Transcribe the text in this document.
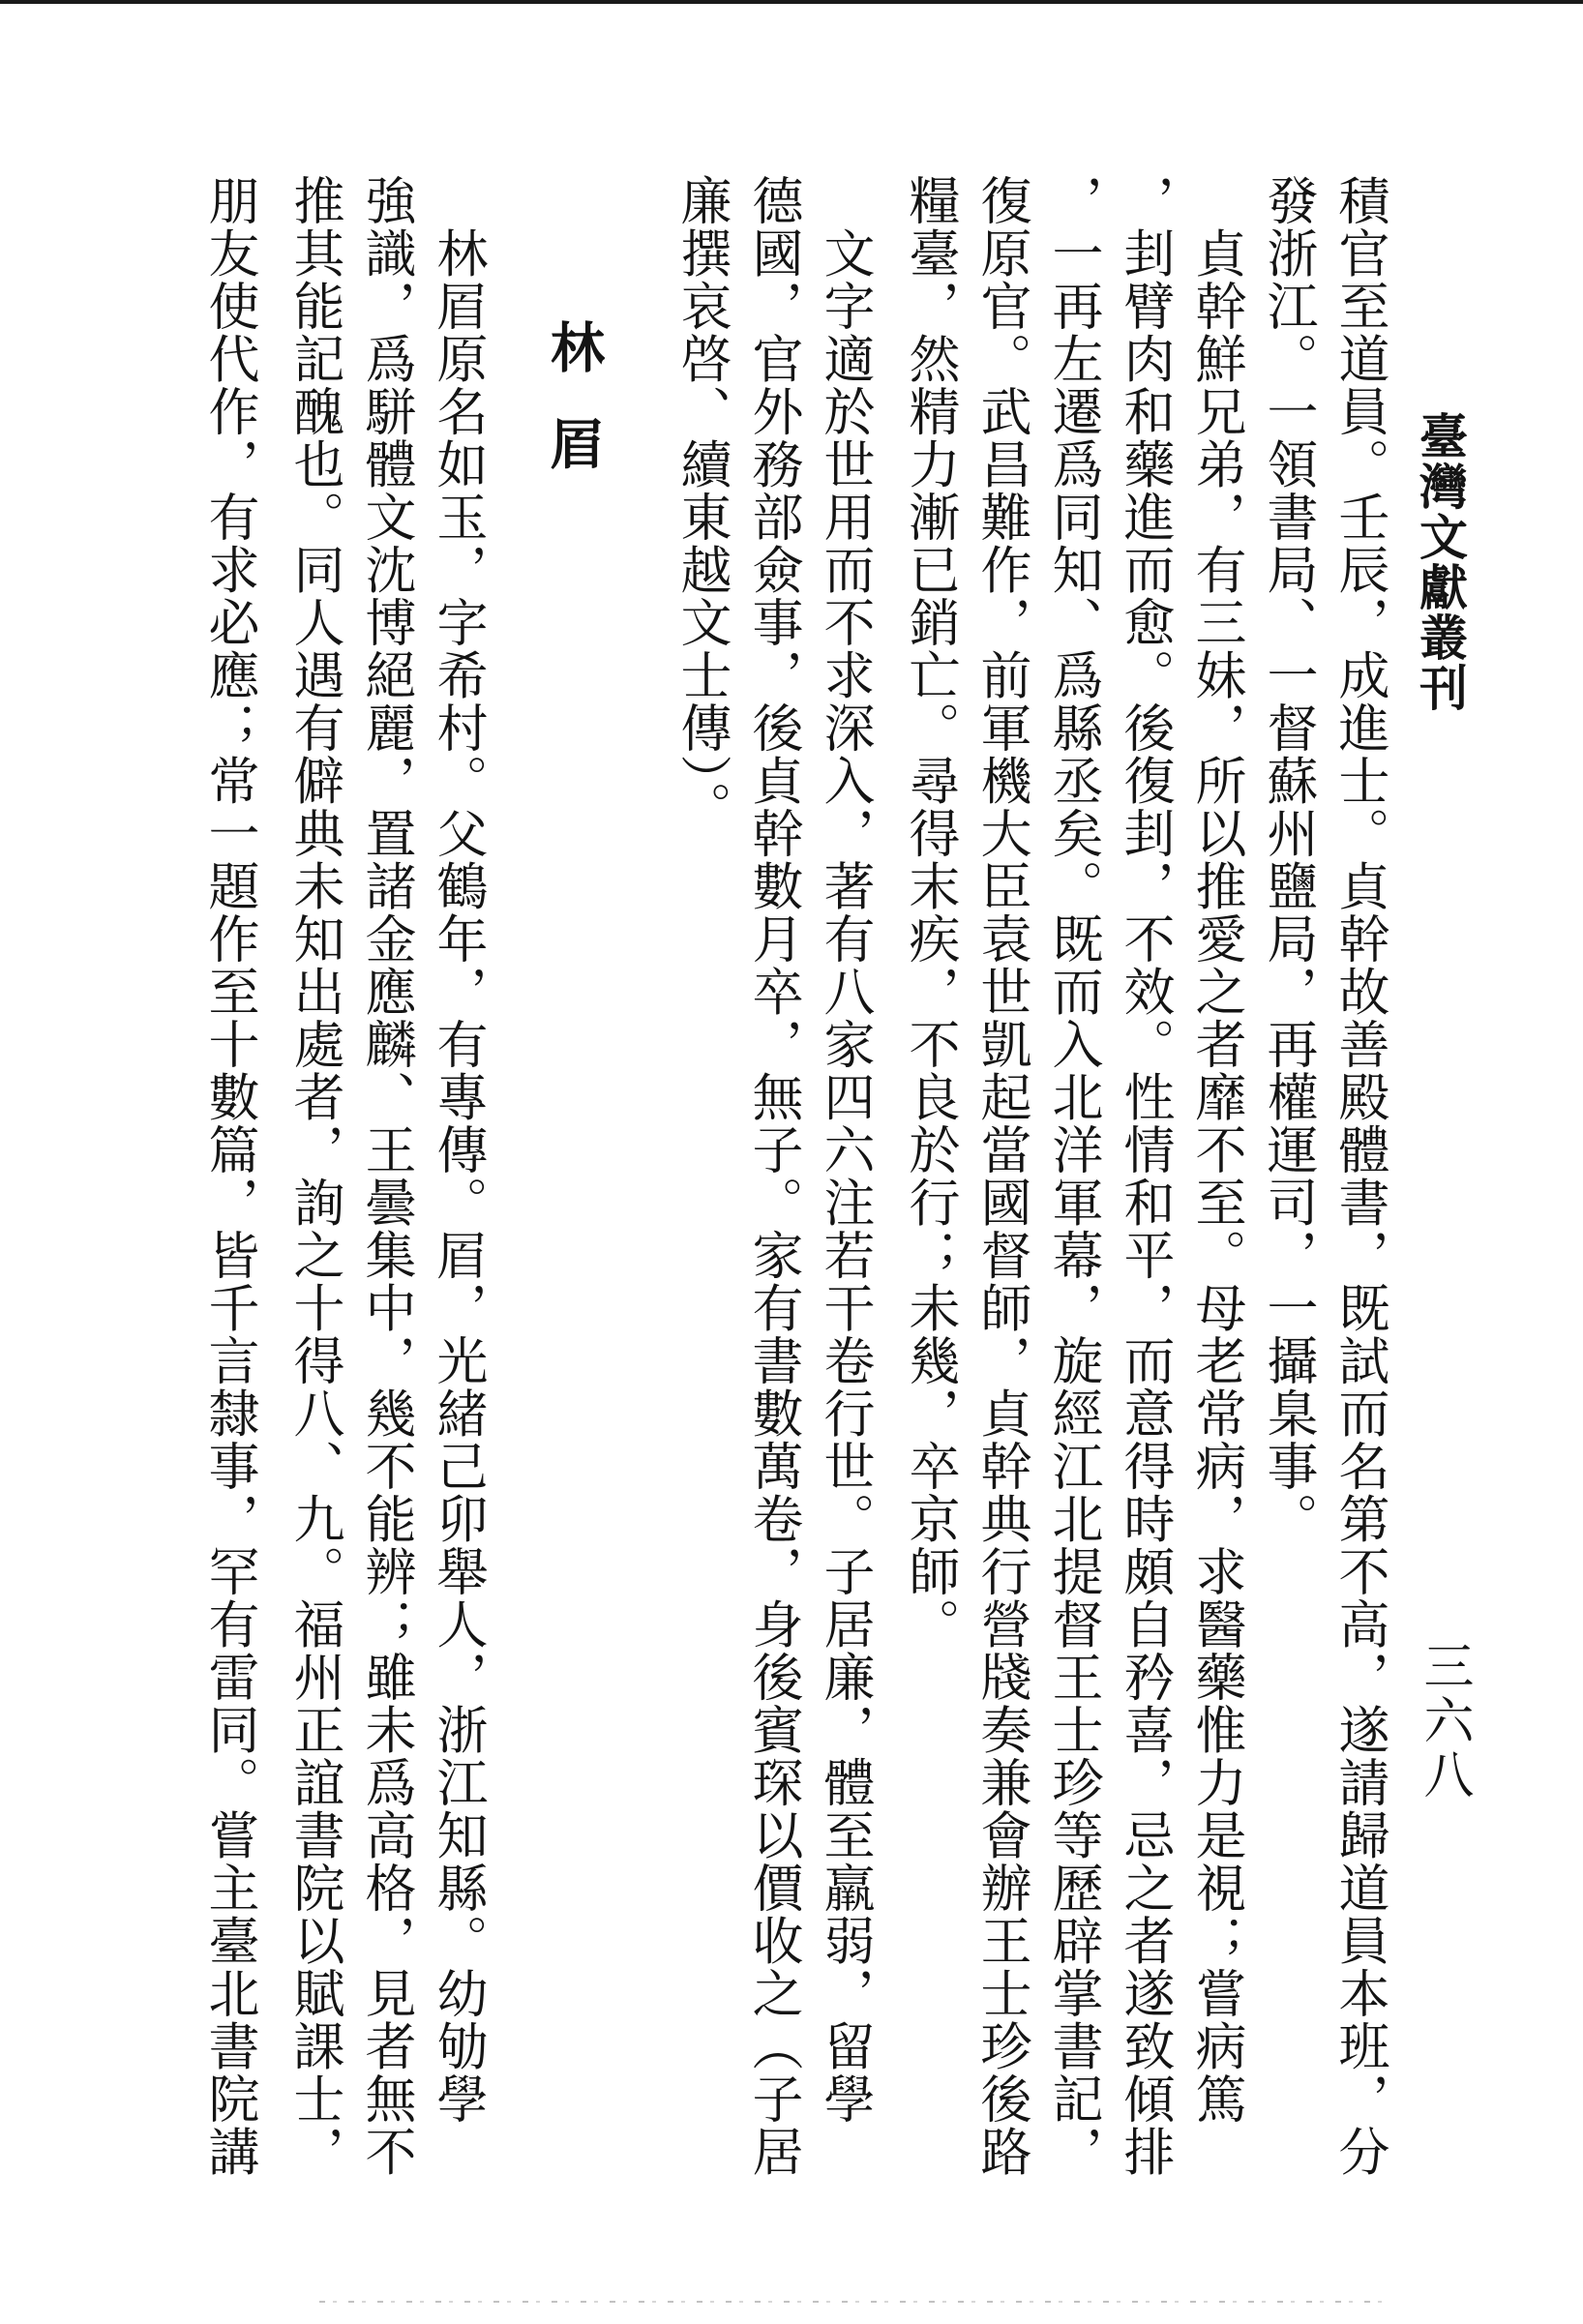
臺灣文獻叢刊
三六八
積官至道員。壬辰，成進士。貞幹故善殿體書，既試而名第不高，遂請歸道員本班，分
發浙江。一領書局、一督蘇州鹽局，再權運司，一攝臬事。
　貞幹鮮兄弟，有三妹，所以推愛之者靡不至。母老常病，求醫藥惟力是視；嘗病篤
，刲臂肉和藥進而愈。後復刲，不效。性情和平，而意得時頗自矜喜，忌之者遂致傾排
，一再左遷爲同知、爲縣丞矣。既而入北洋軍幕，旋經江北提督王士珍等歷辟掌書記，
復原官。武昌難作，前軍機大臣袁世凱起當國督師，貞幹典行營牋奏兼會辦王士珍後路
糧臺，然精力漸已銷亡。尋得末疾，不良於行；未幾，卒京師。
　文字適於世用而不求深入，著有八家四六注若干卷行世。子居廉，體至羸弱，留學
德國，官外務部僉事，後貞幹數月卒，無子。家有書數萬卷，身後賓琛以價收之（子居
廉撰哀啓、續東越文士傳）。
林 㞒
　林㞒原名如玉，字希村。父鶴年，有專傳。㞒，光緒己卯舉人，浙江知縣。幼劬學
強識，爲駢體文沈博絕麗，置諸金應麟、王曇集中，幾不能辨；雖未爲高格，見者無不
推其能記醜也。同人遇有僻典未知出處者，詢之十得八、九。福州正誼書院以賦課士，
朋友使代作，有求必應；常一題作至十數篇，皆千言隸事，罕有雷同。嘗主臺北書院講
